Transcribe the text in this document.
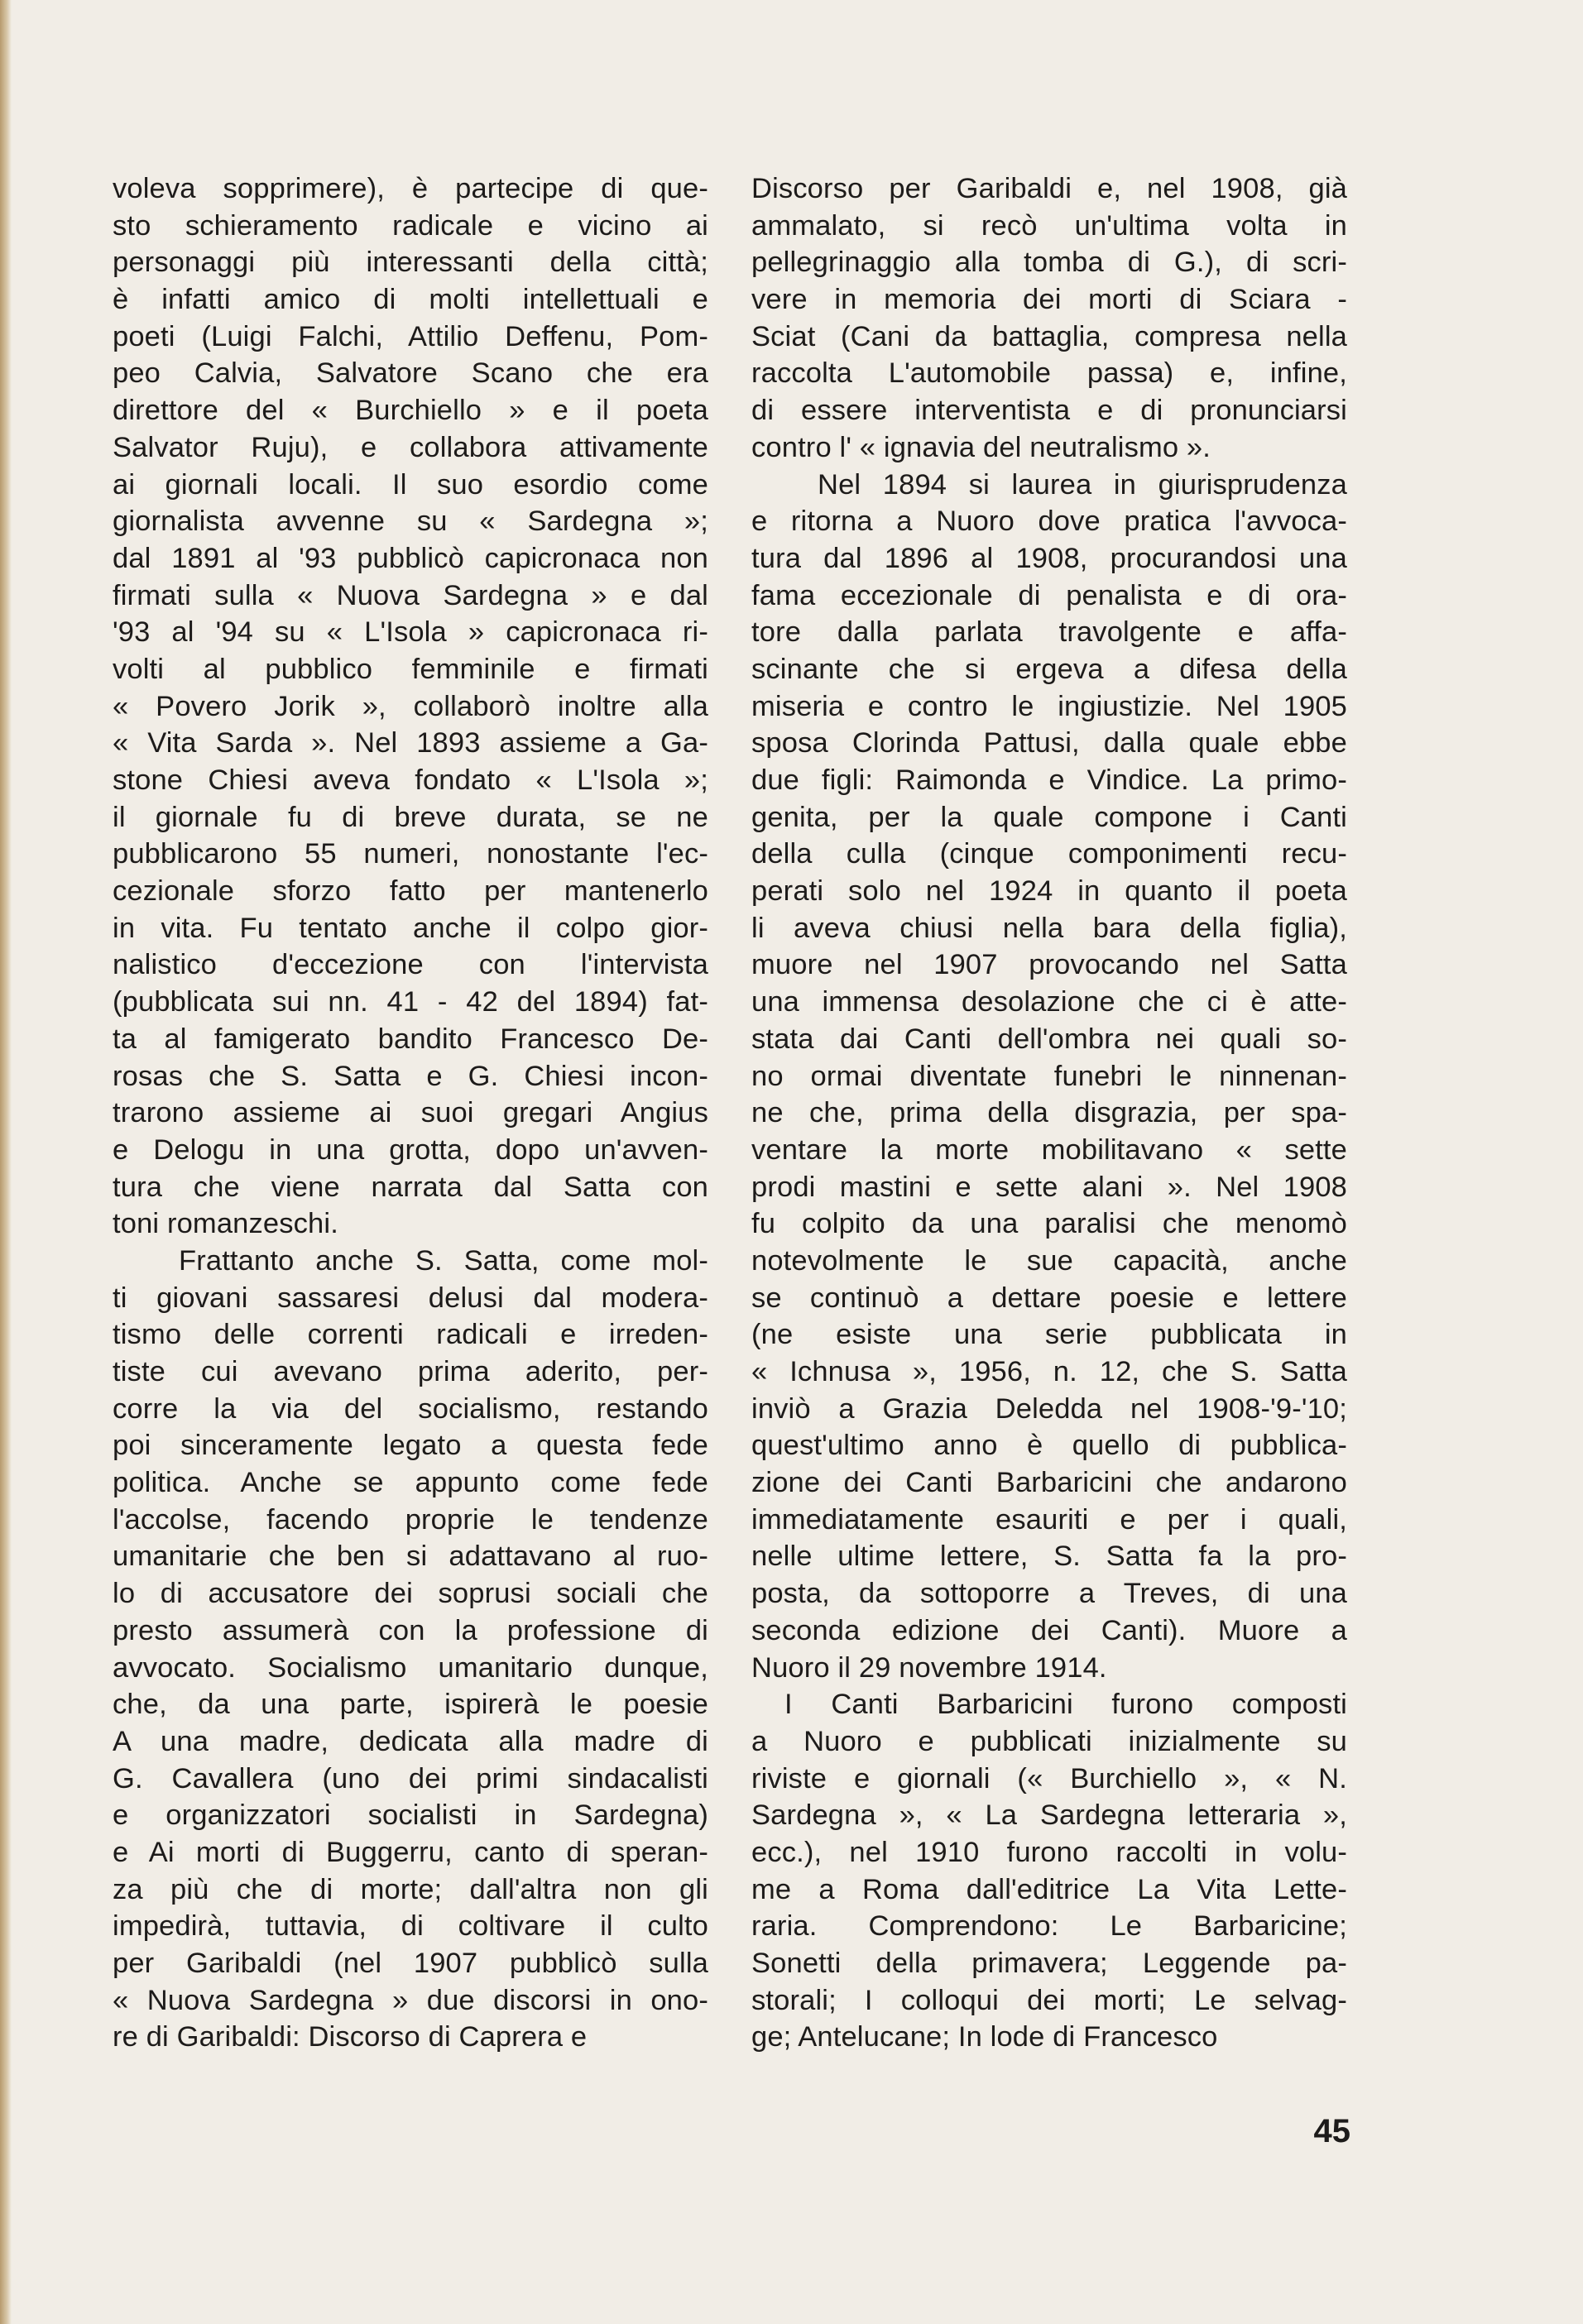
voleva sopprimere), è partecipe di que-
sto schieramento radicale e vicino ai
personaggi più interessanti della città;
è infatti amico di molti intellettuali e
poeti (Luigi Falchi, Attilio Deffenu, Pom-
peo Calvia, Salvatore Scano che era
direttore del « Burchiello » e il poeta
Salvator Ruju), e collabora attivamente
ai giornali locali. Il suo esordio come
giornalista avvenne su « Sardegna »;
dal 1891 al '93 pubblicò capicronaca non
firmati sulla « Nuova Sardegna » e dal
'93 al '94 su « L'Isola » capicronaca ri-
volti al pubblico femminile e firmati
« Povero Jorik », collaborò inoltre alla
« Vita Sarda ». Nel 1893 assieme a Ga-
stone Chiesi aveva fondato « L'Isola »;
il giornale fu di breve durata, se ne
pubblicarono 55 numeri, nonostante l'ec-
cezionale sforzo fatto per mantenerlo
in vita. Fu tentato anche il colpo gior-
nalistico d'eccezione con l'intervista
(pubblicata sui nn. 41 - 42 del 1894) fat-
ta al famigerato bandito Francesco De-
rosas che S. Satta e G. Chiesi incon-
trarono assieme ai suoi gregari Angius
e Delogu in una grotta, dopo un'avven-
tura che viene narrata dal Satta con
toni romanzeschi.
Frattanto anche S. Satta, come mol-
ti giovani sassaresi delusi dal modera-
tismo delle correnti radicali e irreden-
tiste cui avevano prima aderito, per-
corre la via del socialismo, restando
poi sinceramente legato a questa fede
politica. Anche se appunto come fede
l'accolse, facendo proprie le tendenze
umanitarie che ben si adattavano al ruo-
lo di accusatore dei soprusi sociali che
presto assumerà con la professione di
avvocato. Socialismo umanitario dunque,
che, da una parte, ispirerà le poesie
A una madre, dedicata alla madre di
G. Cavallera (uno dei primi sindacalisti
e organizzatori socialisti in Sardegna)
e Ai morti di Buggerru, canto di speran-
za più che di morte; dall'altra non gli
impedirà, tuttavia, di coltivare il culto
per Garibaldi (nel 1907 pubblicò sulla
« Nuova Sardegna » due discorsi in ono-
re di Garibaldi: Discorso di Caprera e
Discorso per Garibaldi e, nel 1908, già
ammalato, si recò un'ultima volta in
pellegrinaggio alla tomba di G.), di scri-
vere in memoria dei morti di Sciara -
Sciat (Cani da battaglia, compresa nella
raccolta L'automobile passa) e, infine,
di essere interventista e di pronunciarsi
contro l' « ignavia del neutralismo ».
Nel 1894 si laurea in giurisprudenza
e ritorna a Nuoro dove pratica l'avvoca-
tura dal 1896 al 1908, procurandosi una
fama eccezionale di penalista e di ora-
tore dalla parlata travolgente e affa-
scinante che si ergeva a difesa della
miseria e contro le ingiustizie. Nel 1905
sposa Clorinda Pattusi, dalla quale ebbe
due figli: Raimonda e Vindice. La primo-
genita, per la quale compone i Canti
della culla (cinque componimenti recu-
perati solo nel 1924 in quanto il poeta
li aveva chiusi nella bara della figlia),
muore nel 1907 provocando nel Satta
una immensa desolazione che ci è atte-
stata dai Canti dell'ombra nei quali so-
no ormai diventate funebri le ninnenan-
ne che, prima della disgrazia, per spa-
ventare la morte mobilitavano « sette
prodi mastini e sette alani ». Nel 1908
fu colpito da una paralisi che menomò
notevolmente le sue capacità, anche
se continuò a dettare poesie e lettere
(ne esiste una serie pubblicata in
« Ichnusa », 1956, n. 12, che S. Satta
inviò a Grazia Deledda nel 1908-'9-'10;
quest'ultimo anno è quello di pubblica-
zione dei Canti Barbaricini che andarono
immediatamente esauriti e per i quali,
nelle ultime lettere, S. Satta fa la pro-
posta, da sottoporre a Treves, di una
seconda edizione dei Canti). Muore a
Nuoro il 29 novembre 1914.
I Canti Barbaricini furono composti
a Nuoro e pubblicati inizialmente su
riviste e giornali (« Burchiello », « N.
Sardegna », « La Sardegna letteraria »,
ecc.), nel 1910 furono raccolti in volu-
me a Roma dall'editrice La Vita Lette-
raria. Comprendono: Le Barbaricine;
Sonetti della primavera; Leggende pa-
storali; I colloqui dei morti; Le selvag-
ge; Antelucane; In lode di Francesco
45
